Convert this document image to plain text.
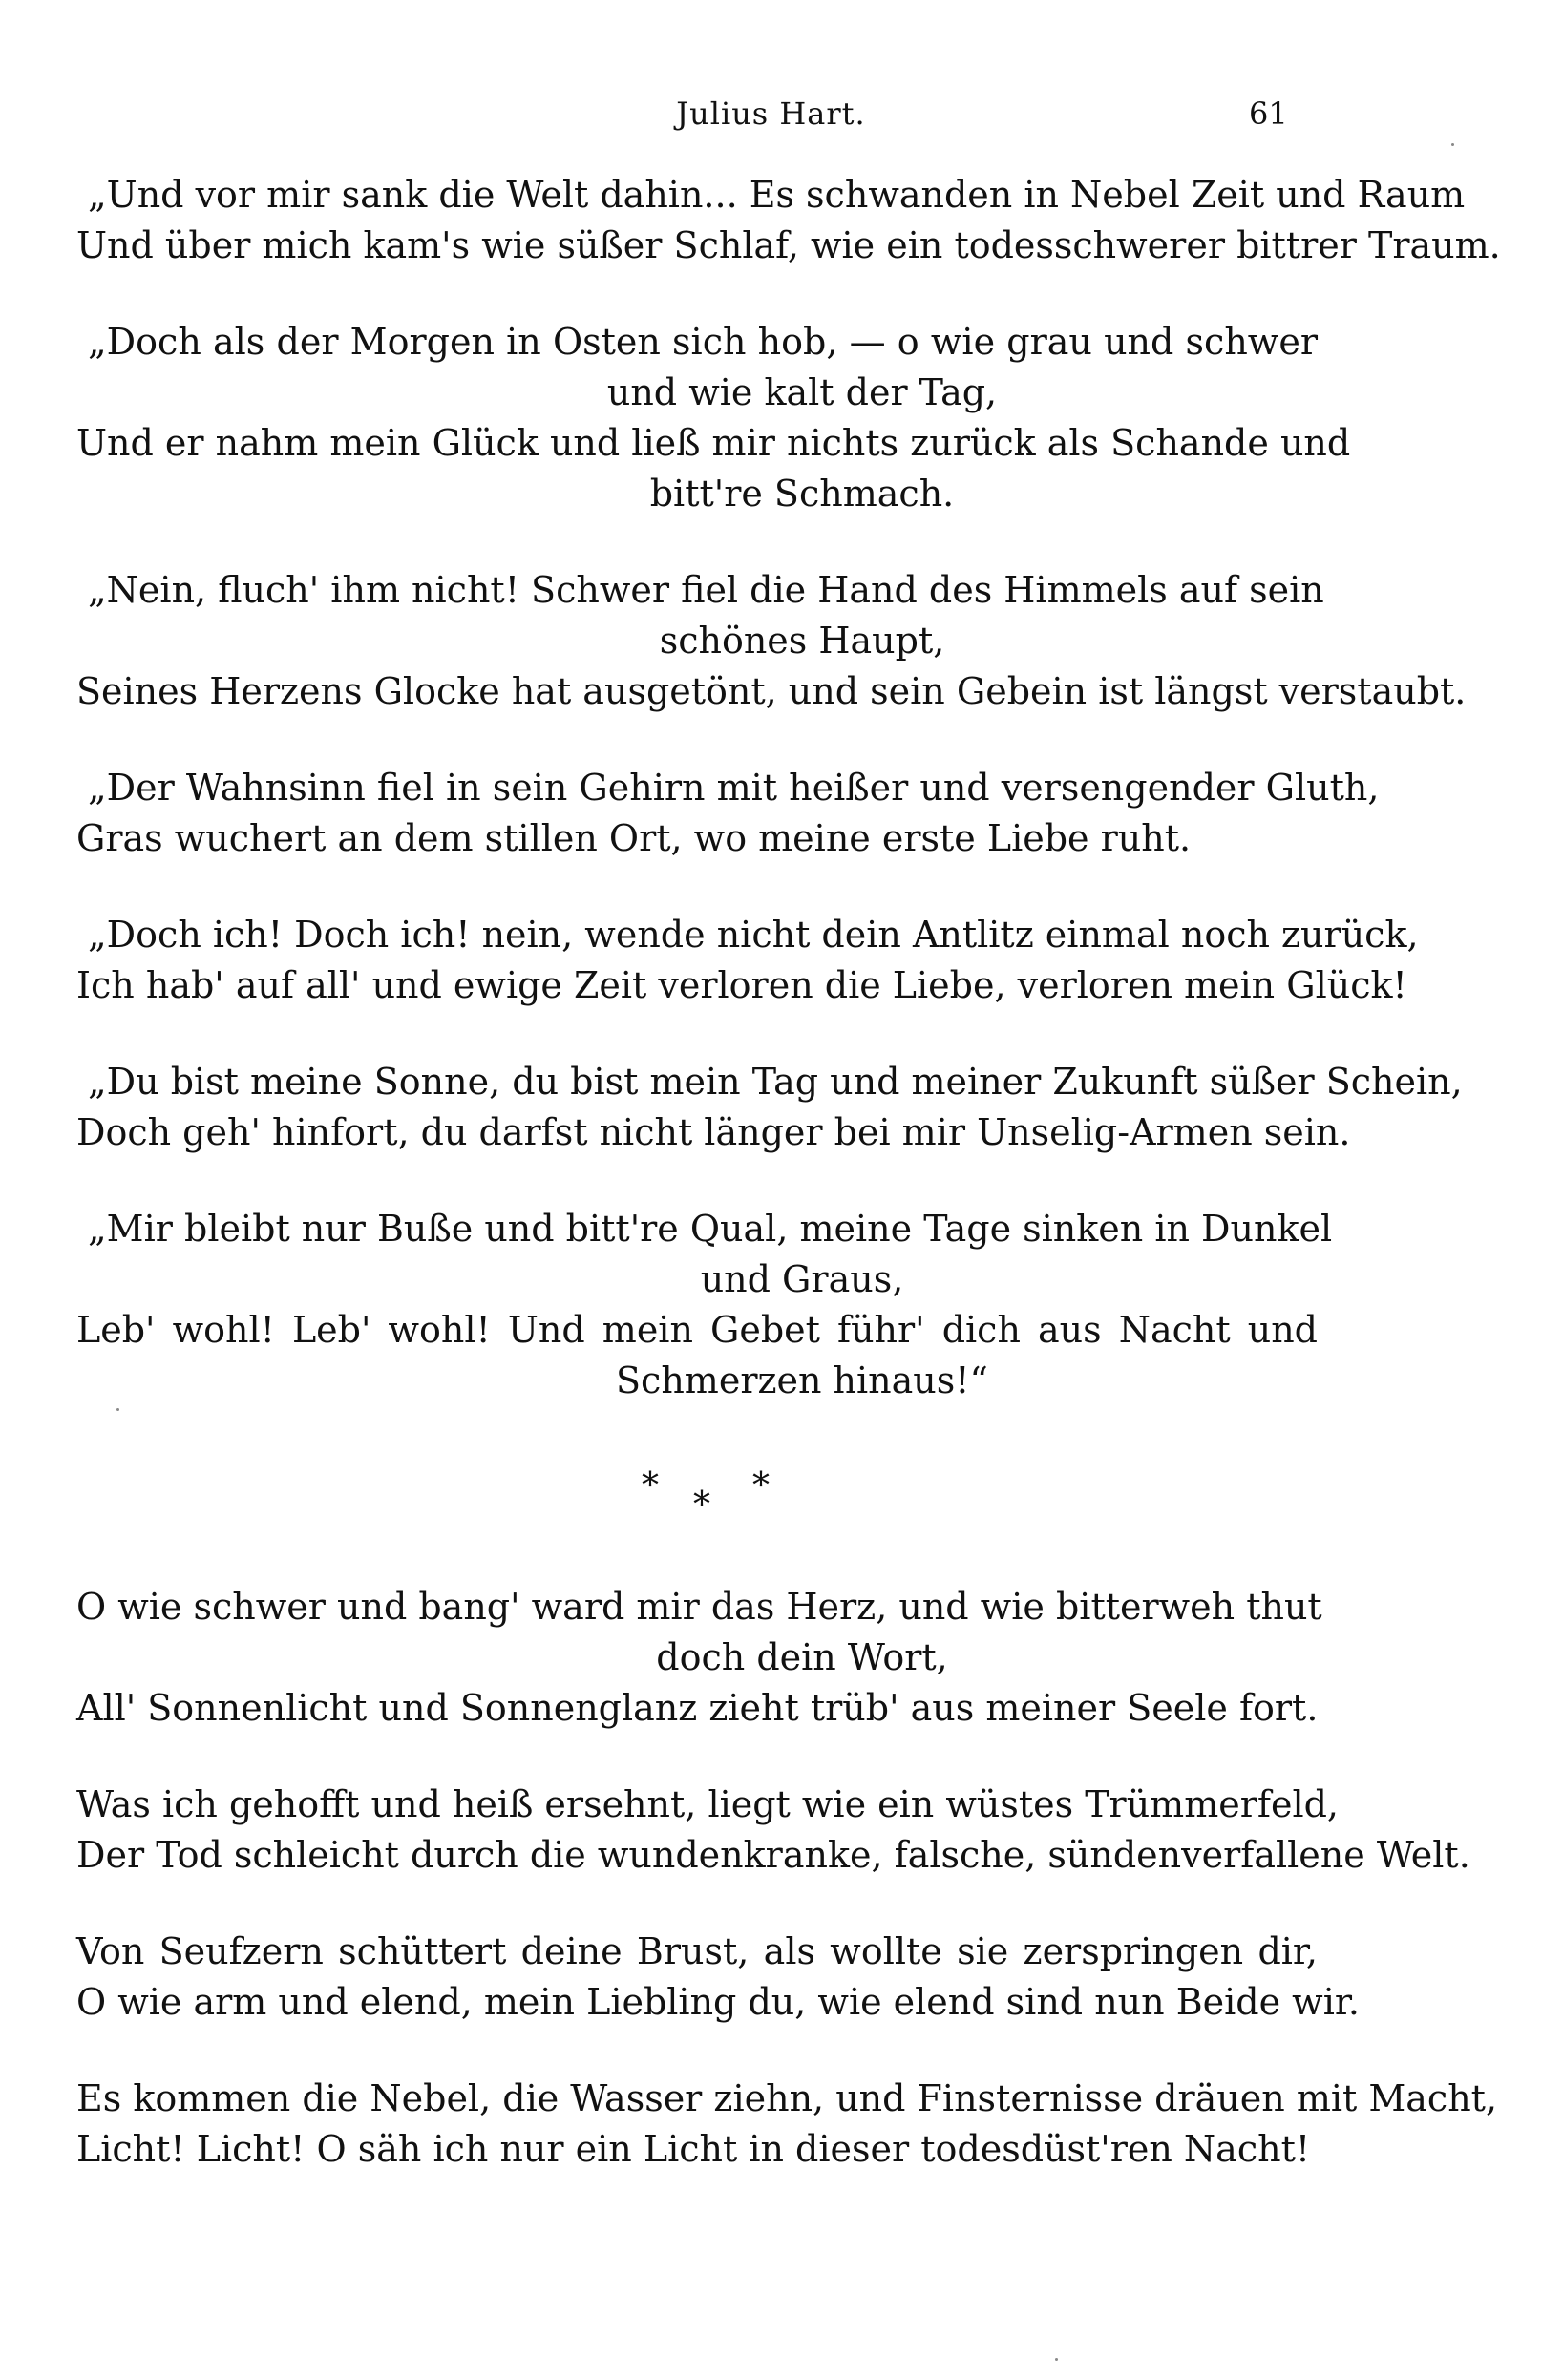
Julius Hart.	61
„Und vor mir sank die Welt dahin... Es schwanden in Nebel Zeit und Raum
Und über mich kam's wie süßer Schlaf, wie ein todesschwerer bittrer Traum.
„Doch als der Morgen in Osten sich hob, — o wie grau und schwer
und wie kalt der Tag,
Und er nahm mein Glück und ließ mir nichts zurück als Schande und
bitt're Schmach.
„Nein, fluch' ihm nicht! Schwer fiel die Hand des Himmels auf sein
schönes Haupt,
Seines Herzens Glocke hat ausgetönt, und sein Gebein ist längst verstaubt.
„Der Wahnsinn fiel in sein Gehirn mit heißer und versengender Gluth,
Gras wuchert an dem stillen Ort, wo meine erste Liebe ruht.
„Doch ich! Doch ich! nein, wende nicht dein Antlitz einmal noch zurück,
Ich hab' auf all' und ewige Zeit verloren die Liebe, verloren mein Glück!
„Du bist meine Sonne, du bist mein Tag und meiner Zukunft süßer Schein,
Doch geh' hinfort, du darfst nicht länger bei mir Unselig-Armen sein.
„Mir bleibt nur Buße und bitt're Qual, meine Tage sinken in Dunkel
und Graus,
Leb' wohl! Leb' wohl! Und mein Gebet führ' dich aus Nacht und
Schmerzen hinaus!“
* * *
O wie schwer und bang' ward mir das Herz, und wie bitterweh thut
doch dein Wort,
All' Sonnenlicht und Sonnenglanz zieht trüb' aus meiner Seele fort.
Was ich gehofft und heiß ersehnt, liegt wie ein wüstes Trümmerfeld,
Der Tod schleicht durch die wundenkranke, falsche, sündenverfallene Welt.
Von Seufzern schüttert deine Brust, als wollte sie zerspringen dir,
O wie arm und elend, mein Liebling du, wie elend sind nun Beide wir.
Es kommen die Nebel, die Wasser ziehn, und Finsternisse dräuen mit Macht,
Licht! Licht! O säh ich nur ein Licht in dieser todesdüst'ren Nacht!
